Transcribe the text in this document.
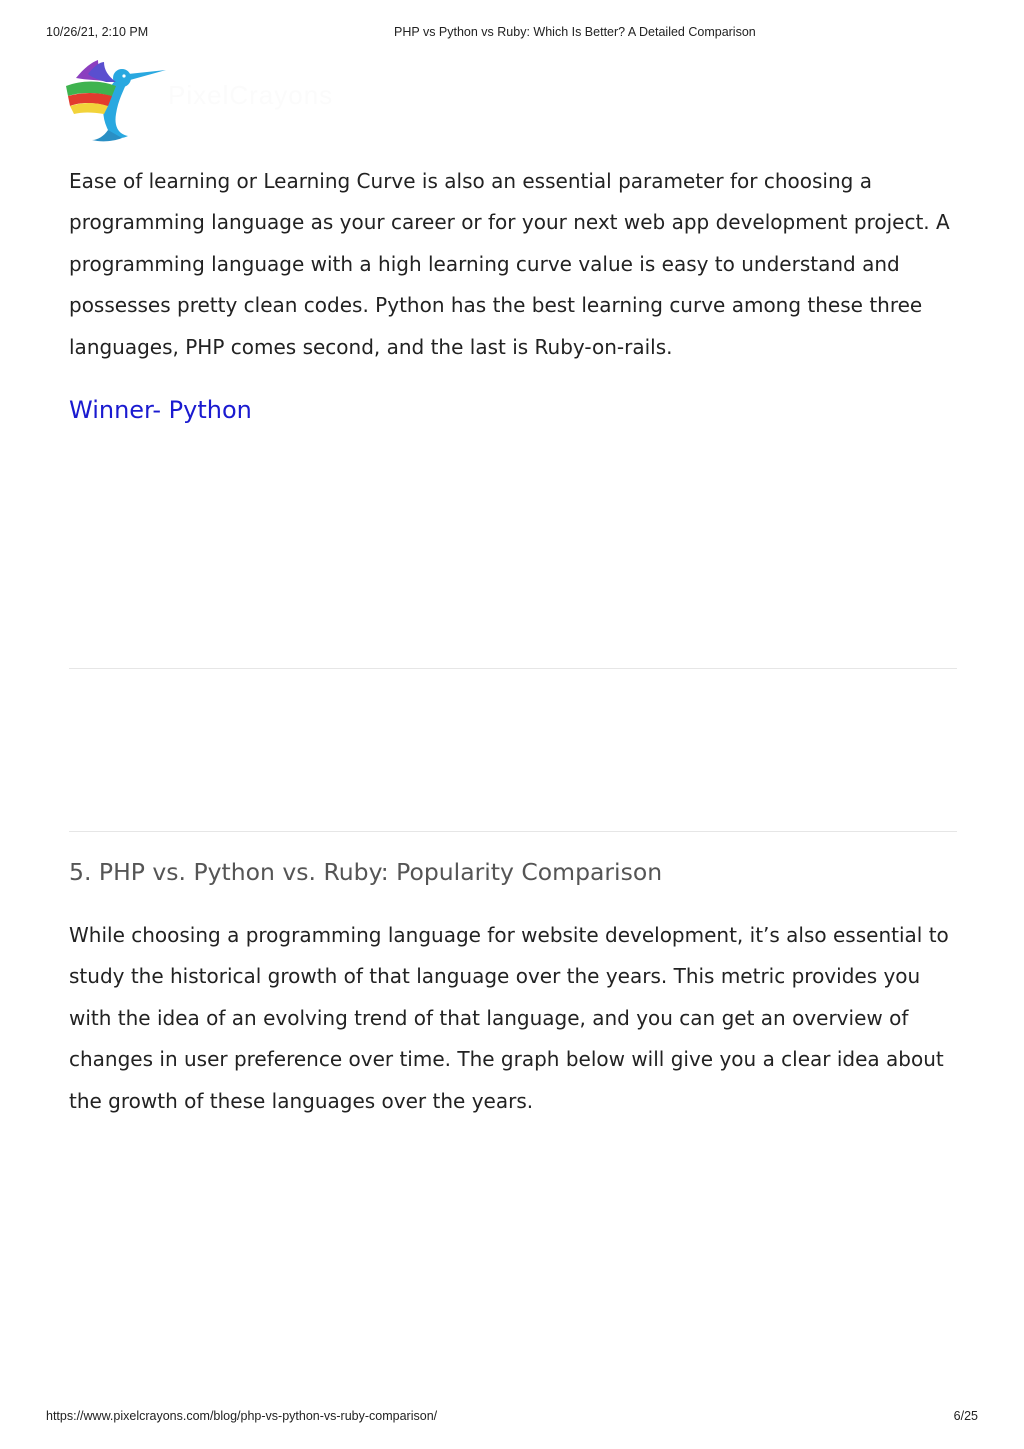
10/26/21, 2:10 PM	PHP vs Python vs Ruby: Which Is Better? A Detailed Comparison
PixelCrayons

Ease of learning or Learning Curve is also an essential parameter for choosing a programming language as your career or for your next web app development project. A programming language with a high learning curve value is easy to understand and possesses pretty clean codes. Python has the best learning curve among these three languages, PHP comes second, and the last is Ruby-on-rails.

Winner- Python
5. PHP vs. Python vs. Ruby: Popularity Comparison

While choosing a programming language for website development, it’s also essential to study the historical growth of that language over the years. This metric provides you with the idea of an evolving trend of that language, and you can get an overview of changes in user preference over time. The graph below will give you a clear idea about the growth of these languages over the years.

https://www.pixelcrayons.com/blog/php-vs-python-vs-ruby-comparison/	6/25
